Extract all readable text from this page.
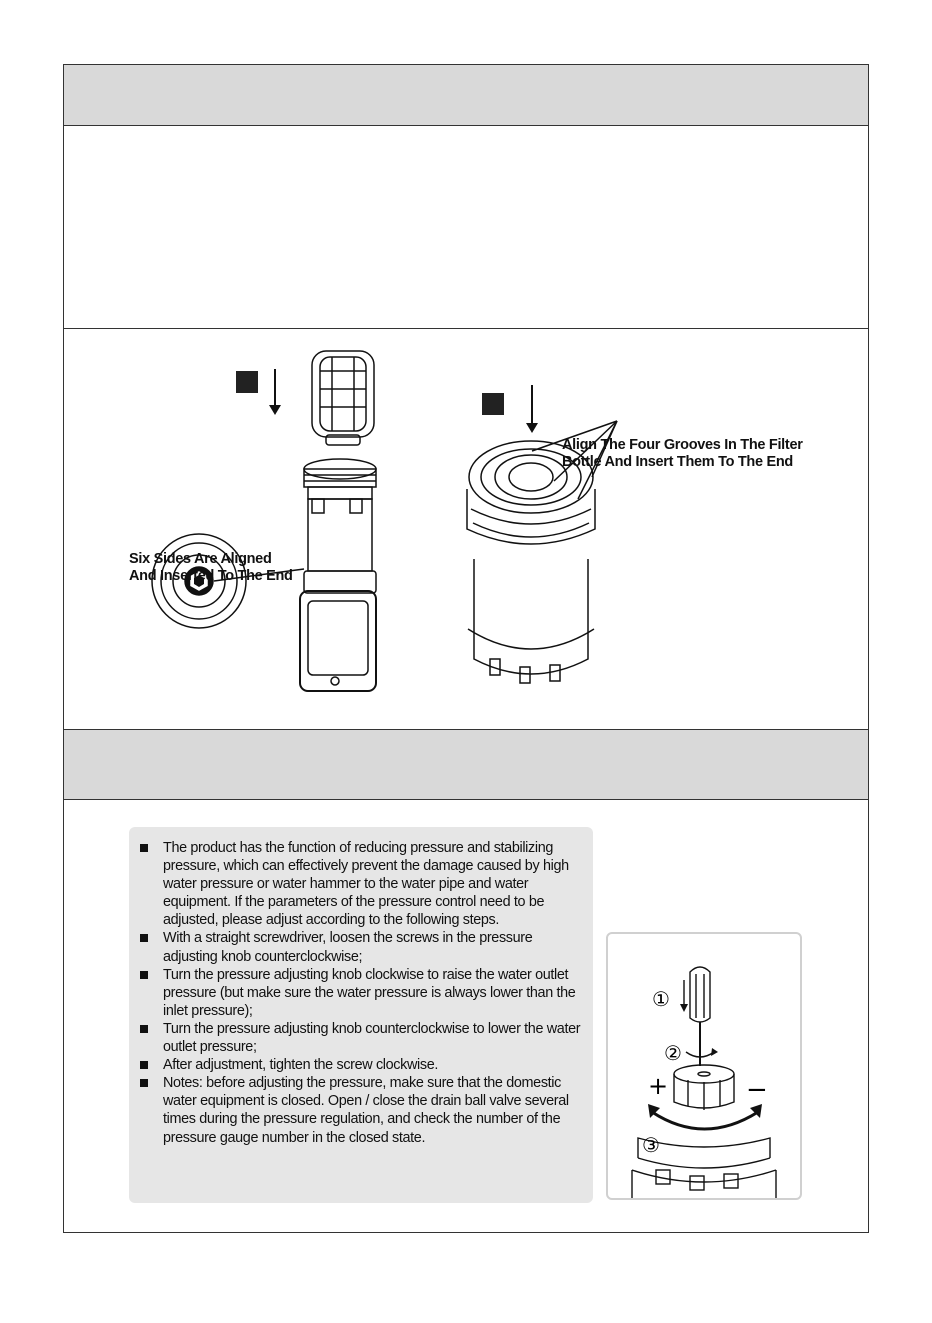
Six Sides Are Aligned
And Inserted To The End
Align The Four Grooves In The Filter
Bottle And Insert Them To The End
The product has the function of reducing pressure and stabilizing pressure, which can effectively prevent the damage caused by high water pressure or water hammer to the water pipe and water equipment. If the parameters of the pressure control need to be adjusted, please adjust according to the following steps.
With a straight screwdriver, loosen the screws in the pressure adjusting knob counterclockwise;
Turn the pressure adjusting knob clockwise to raise the water outlet pressure (but make sure the water pressure is always lower than the inlet pressure);
Turn the pressure adjusting knob counterclockwise to lower the water outlet pressure;
After adjustment, tighten the screw clockwise.
Notes: before adjusting the pressure, make sure that the domestic water equipment is closed. Open / close the drain ball valve several times during the pressure regulation, and check the number of the pressure gauge number in the closed state.
①
②
③
+	−
